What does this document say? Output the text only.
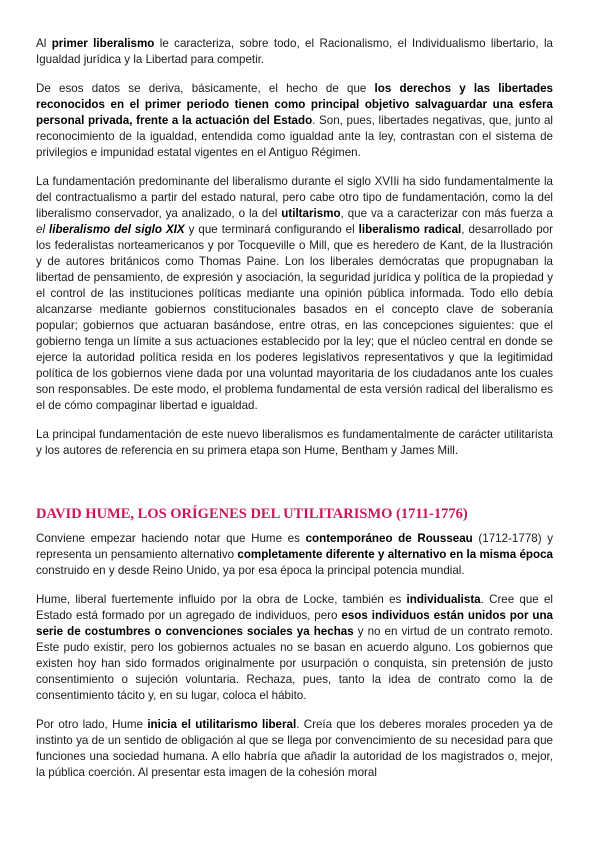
Al primer liberalismo le caracteriza, sobre todo, el Racionalismo, el Individualismo libertario, la Igualdad jurídica y la Libertad para competir.

De esos datos se deriva, básicamente, el hecho de que los derechos y las libertades reconocidos en el primer periodo tienen como principal objetivo salvaguardar una esfera personal privada, frente a la actuación del Estado. Son, pues, libertades negativas, que, junto al reconocimiento de la igualdad, entendida como igualdad ante la ley, contrastan con el sistema de privilegios e impunidad estatal vigentes en el Antiguo Régimen.

La fundamentación predominante del liberalismo durante el siglo XVIIi ha sido fundamentalmente la del contractualismo a partir del estado natural, pero cabe otro tipo de fundamentación, como la del liberalismo conservador, ya analizado, o la del utiltarismo, que va a caracterizar con más fuerza a el liberalismo del siglo XIX y que terminará configurando el liberalismo radical, desarrollado por los federalistas norteamericanos y por Tocqueville o Mill, que es heredero de Kant, de la Ilustración y de autores británicos como Thomas Paine. Lon los liberales demócratas que propugnaban la libertad de pensamiento, de expresión y asociación, la seguridad jurídica y política de la propiedad y el control de las instituciones políticas mediante una opinión pública informada. Todo ello debía alcanzarse mediante gobiernos constitucionales basados en el concepto clave de soberanía popular; gobiernos que actuaran basándose, entre otras, en las concepciones siguientes: que el gobierno tenga un límite a sus actuaciones establecido por la ley; que el núcleo central en donde se ejerce la autoridad política resida en los poderes legislativos representativos y que la legitimidad política de los gobiernos viene dada por una voluntad mayoritaria de los ciudadanos ante los cuales son responsables. De este modo, el problema fundamental de esta versión radical del liberalismo es el de cómo compaginar libertad e igualdad.

La principal fundamentación de este nuevo liberalismos es fundamentalmente de carácter utilitarista y los autores de referencia en su primera etapa son Hume, Bentham y James Mill.

DAVID HUME, LOS ORÍGENES DEL UTILITARISMO (1711-1776)

Conviene empezar haciendo notar que Hume es contemporáneo de Rousseau (1712-1778) y representa un pensamiento alternativo completamente diferente y alternativo en la misma época construido en y desde Reino Unido, ya por esa época la principal potencia mundial.

Hume, liberal fuertemente influido por la obra de Locke, también es individualista. Cree que el Estado está formado por un agregado de individuos, pero esos individuos están unidos por una serie de costumbres o convenciones sociales ya hechas y no en virtud de un contrato remoto. Este pudo existir, pero los gobiernos actuales no se basan en acuerdo alguno. Los gobiernos que existen hoy han sido formados originalmente por usurpación o conquista, sin pretensión de justo consentimiento o sujeción voluntaria. Rechaza, pues, tanto la idea de contrato como la de consentimiento tácito y, en su lugar, coloca el hábito.

Por otro lado, Hume inicia el utilitarismo liberal. Creía que los deberes morales proceden ya de instinto ya de un sentido de obligación al que se llega por convencimiento de su necesidad para que funciones una sociedad humana. A ello habría que añadir la autoridad de los magistrados o, mejor, la pública coerción. Al presentar esta imagen de la cohesión moral
